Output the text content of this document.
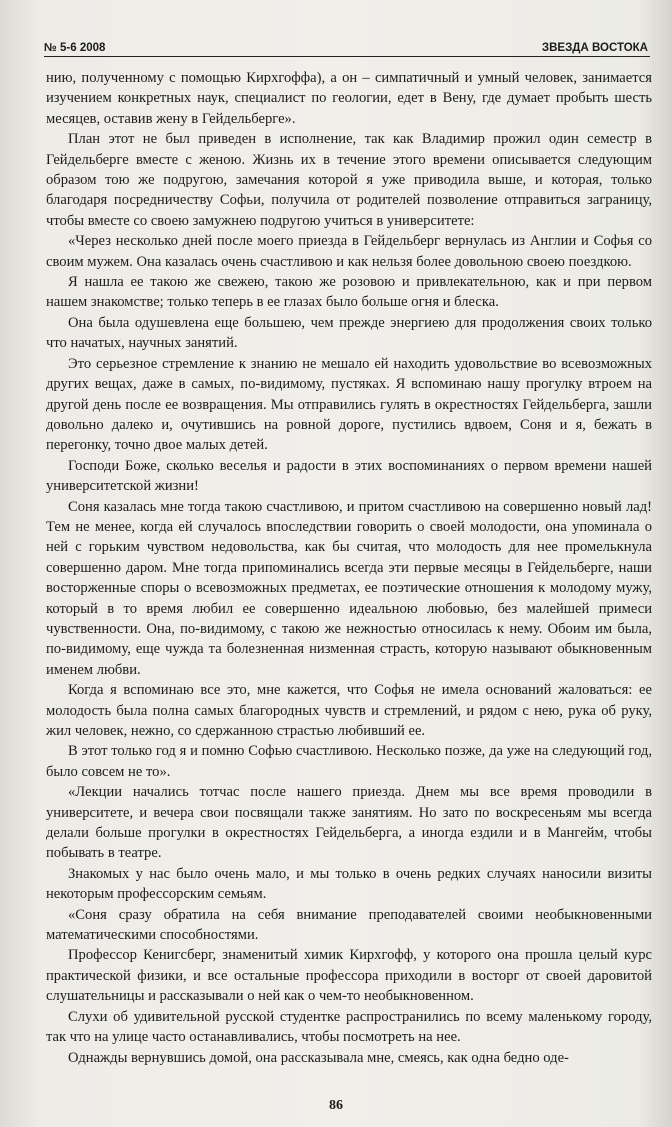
№ 5-6 2008	ЗВЕЗДА ВОСТОКА

нию, полученному с помощью Кирхгоффа), а он – симпатичный и умный человек, занимается изучением конкретных наук, специалист по геологии, едет в Вену, где думает пробыть шесть месяцев, оставив жену в Гейдельберге».

План этот не был приведен в исполнение, так как Владимир прожил один семестр в Гейдельберге вместе с женою. Жизнь их в течение этого времени описывается следующим образом тою же подругою, замечания которой я уже приводила выше, и которая, только благодаря посредничеству Софьи, получила от родителей позволение отправиться заграницу, чтобы вместе со своею замужнею подругою учиться в университете:

«Через несколько дней после моего приезда в Гейдельберг вернулась из Англии и Софья со своим мужем. Она казалась очень счастливою и как нельзя более довольною своею поездкою.

Я нашла ее такою же свежею, такою же розовою и привлекательною, как и при первом нашем знакомстве; только теперь в ее глазах было больше огня и блеска.

Она была одушевлена еще большею, чем прежде энергиею для продолжения своих только что начатых, научных занятий.

Это серьезное стремление к знанию не мешало ей находить удовольствие во всевозможных других вещах, даже в самых, по-видимому, пустяках. Я вспоминаю нашу прогулку втроем на другой день после ее возвращения. Мы отправились гулять в окрестностях Гейдельберга, зашли довольно далеко и, очутившись на ровной дороге, пустились вдвоем, Соня и я, бежать в перегонку, точно двое малых детей.

Господи Боже, сколько веселья и радости в этих воспоминаниях о первом времени нашей университетской жизни!

Соня казалась мне тогда такою счастливою, и притом счастливою на совершенно новый лад! Тем не менее, когда ей случалось впоследствии говорить о своей молодости, она упоминала о ней с горьким чувством недовольства, как бы считая, что молодость для нее промелькнула совершенно даром. Мне тогда припоминались всегда эти первые месяцы в Гейдельберге, наши восторженные споры о всевозможных предметах, ее поэтические отношения к молодому мужу, который в то время любил ее совершенно идеальною любовью, без малейшей примеси чувственности. Она, по-видимому, с такою же нежностью относилась к нему. Обоим им была, по-видимому, еще чужда та болезненная низменная страсть, которую называют обыкновенным именем любви.

Когда я вспоминаю все это, мне кажется, что Софья не имела оснований жаловаться: ее молодость была полна самых благородных чувств и стремлений, и рядом с нею, рука об руку, жил человек, нежно, со сдержанною страстью любивший ее.

В этот только год я и помню Софью счастливою. Несколько позже, да уже на следующий год, было совсем не то».

«Лекции начались тотчас после нашего приезда. Днем мы все время проводили в университете, и вечера свои посвящали также занятиям. Но зато по воскресеньям мы всегда делали больше прогулки в окрестностях Гейдельберга, а иногда ездили и в Мангейм, чтобы побывать в театре.

Знакомых у нас было очень мало, и мы только в очень редких случаях наносили визиты некоторым профессорским семьям.

«Соня сразу обратила на себя внимание преподавателей своими необыкновенными математическими способностями.

Профессор Кенигсберг, знаменитый химик Кирхгофф, у которого она прошла целый курс практической физики, и все остальные профессора приходили в восторг от своей даровитой слушательницы и рассказывали о ней как о чем-то необыкновенном.

Слухи об удивительной русской студентке распространились по всему маленькому городу, так что на улице часто останавливались, чтобы посмотреть на нее.

Однажды вернувшись домой, она рассказывала мне, смеясь, как одна бедно оде-

86
